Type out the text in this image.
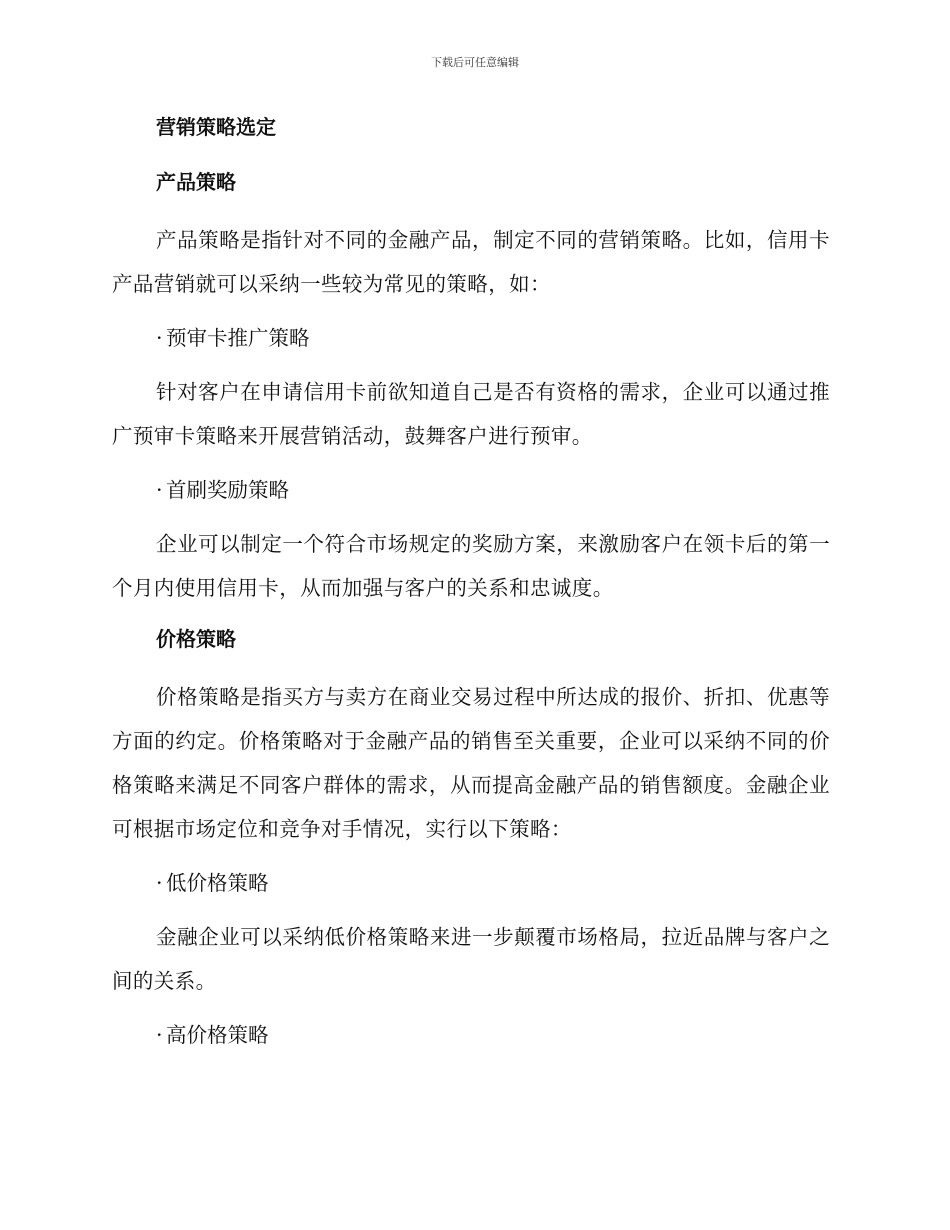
下载后可任意编辑
营销策略选定
产品策略

产品策略是指针对不同的金融产品，制定不同的营销策略。比如，信用卡产品营销就可以采纳一些较为常见的策略，如：

· 预审卡推广策略

针对客户在申请信用卡前欲知道自己是否有资格的需求，企业可以通过推广预审卡策略来开展营销活动，鼓舞客户进行预审。

· 首刷奖励策略

企业可以制定一个符合市场规定的奖励方案，来激励客户在领卡后的第一个月内使用信用卡，从而加强与客户的关系和忠诚度。

价格策略

价格策略是指买方与卖方在商业交易过程中所达成的报价、折扣、优惠等方面的约定。价格策略对于金融产品的销售至关重要，企业可以采纳不同的价格策略来满足不同客户群体的需求，从而提高金融产品的销售额度。金融企业可根据市场定位和竞争对手情况，实行以下策略：

· 低价格策略

金融企业可以采纳低价格策略来进一步颠覆市场格局，拉近品牌与客户之间的关系。

· 高价格策略
